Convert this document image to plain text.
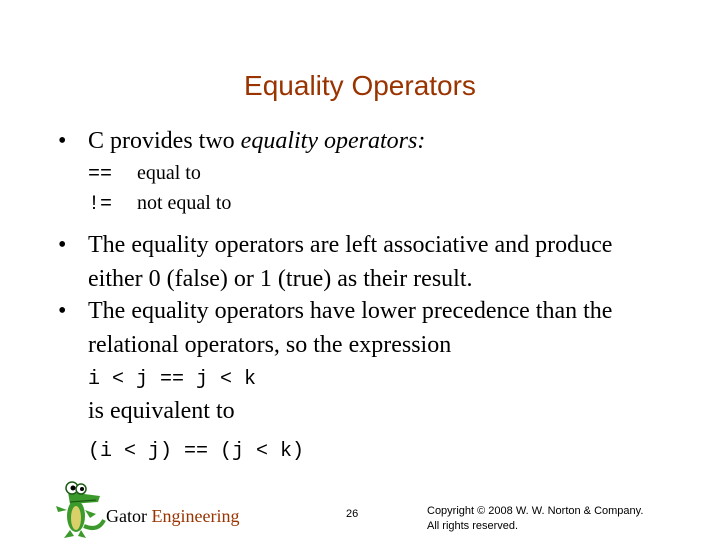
Equality Operators
• C provides two equality operators:
== equal to
!= not equal to
• The equality operators are left associative and produce
either 0 (false) or 1 (true) as their result.
• The equality operators have lower precedence than the
relational operators, so the expression
i < j == j < k
is equivalent to
(i < j) == (j < k)
Gator Engineering	26	Copyright © 2008 W. W. Norton & Company.
All rights reserved.
